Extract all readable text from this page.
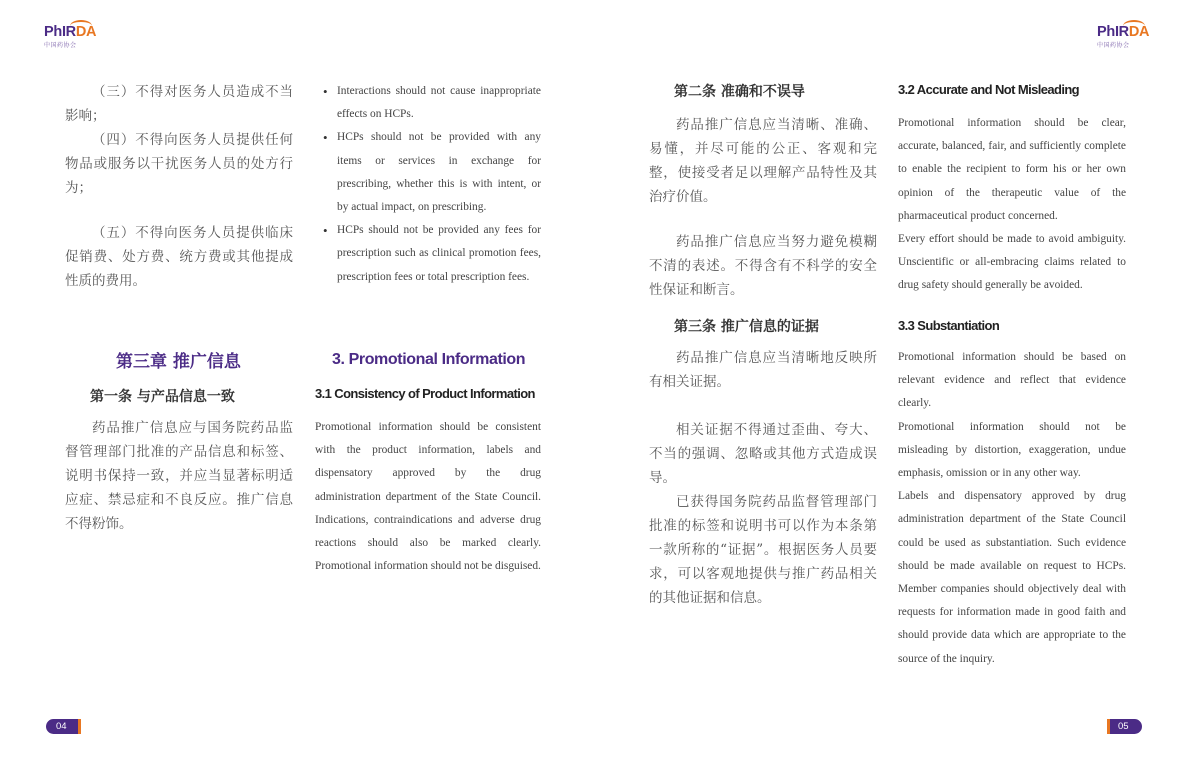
PhIRDA
中国药协会
PhIRDA
中国药协会

（三）不得对医务人员造成不当影响；

（四）不得向医务人员提供任何物品或服务以干扰医务人员的处方行为；

（五）不得向医务人员提供临床促销费、处方费、统方费或其他提成性质的费用。

• Interactions should not cause inappropriate effects on HCPs.
• HCPs should not be provided with any items or services in exchange for prescribing, whether this is with intent, or by actual impact, on prescribing.
• HCPs should not be provided any fees for prescription such as clinical promotion fees, prescription fees or total prescription fees.
第三章 推广信息	3. Promotional Information
第一条 与产品信息一致	3.1 Consistency of Product Information

药品推广信息应与国务院药品监督管理部门批准的产品信息和标签、说明书保持一致，并应当显著标明适应症、禁忌症和不良反应。推广信息不得粉饰。

Promotional information should be consistent with the product information, labels and dispensatory approved by the drug administration department of the State Council. Indications, contraindications and adverse drug reactions should also be marked clearly. Promotional information should not be disguised.

第二条 准确和不误导	3.2 Accurate and Not Misleading

药品推广信息应当清晰、准确、易懂，并尽可能的公正、客观和完整，使接受者足以理解产品特性及其治疗价值。

药品推广信息应当努力避免模糊不清的表述。不得含有不科学的安全性保证和断言。

Promotional information should be clear, accurate, balanced, fair, and sufficiently complete to enable the recipient to form his or her own opinion of the therapeutic value of the pharmaceutical product concerned.

Every effort should be made to avoid ambiguity. Unscientific or all-embracing claims related to drug safety should generally be avoided.

第三条 推广信息的证据	3.3 Substantiation

药品推广信息应当清晰地反映所有相关证据。

相关证据不得通过歪曲、夸大、不当的强调、忽略或其他方式造成误导。

已获得国务院药品监督管理部门批准的标签和说明书可以作为本条第一款所称的“证据”。根据医务人员要求，可以客观地提供与推广药品相关的其他证据和信息。

Promotional information should be based on relevant evidence and reflect that evidence clearly.

Promotional information should not be misleading by distortion, exaggeration, undue emphasis, omission or in any other way.

Labels and dispensatory approved by drug administration department of the State Council could be used as substantiation. Such evidence should be made available on request to HCPs. Member companies should objectively deal with requests for information made in good faith and should provide data which are appropriate to the source of the inquiry.

04	05
